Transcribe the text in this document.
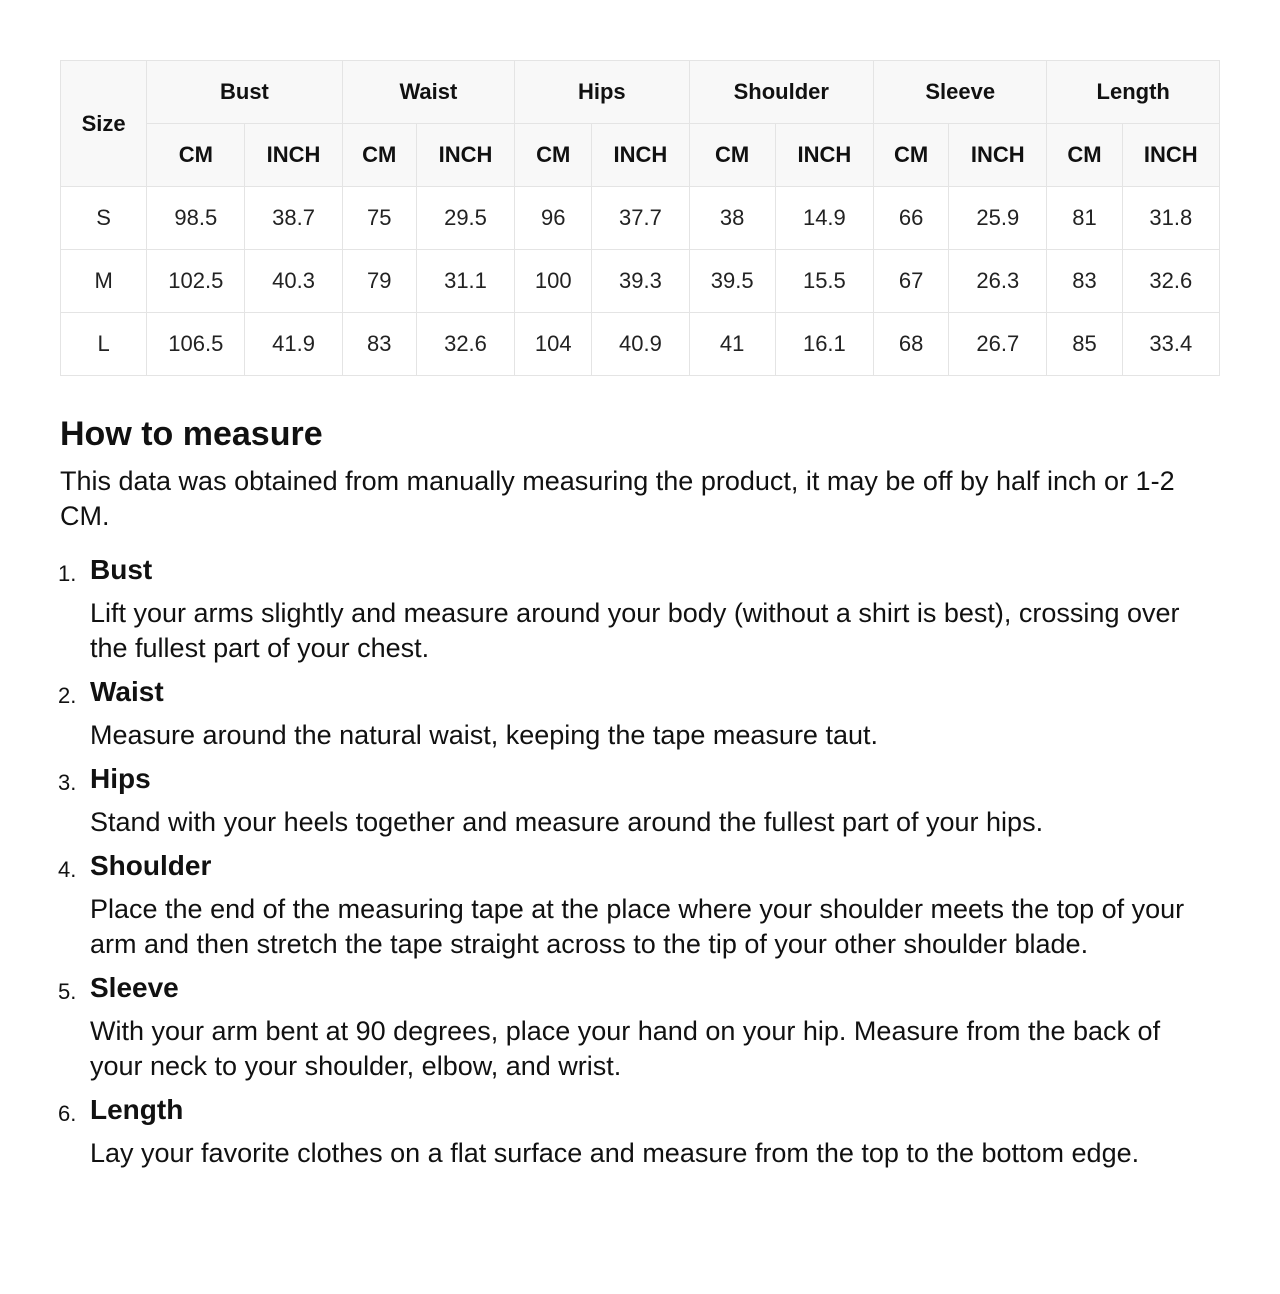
Size	Bust		Waist		Hips		Shoulder		Sleeve		Length	
	CM	INCH	CM	INCH	CM	INCH	CM	INCH	CM	INCH	CM	INCH
S	98.5	38.7	75	29.5	96	37.7	38	14.9	66	25.9	81	31.8
M	102.5	40.3	79	31.1	100	39.3	39.5	15.5	67	26.3	83	32.6
L	106.5	41.9	83	32.6	104	40.9	41	16.1	68	26.7	85	33.4
How to measure

This data was obtained from manually measuring the product, it may be off by half inch or 1-2 CM.

1. Bust
Lift your arms slightly and measure around your body (without a shirt is best), crossing over the fullest part of your chest.
2. Waist
Measure around the natural waist, keeping the tape measure taut.
3. Hips
Stand with your heels together and measure around the fullest part of your hips.
4. Shoulder
Place the end of the measuring tape at the place where your shoulder meets the top of your arm and then stretch the tape straight across to the tip of your other shoulder blade.
5. Sleeve
With your arm bent at 90 degrees, place your hand on your hip. Measure from the back of your neck to your shoulder, elbow, and wrist.
6. Length
Lay your favorite clothes on a flat surface and measure from the top to the bottom edge.
